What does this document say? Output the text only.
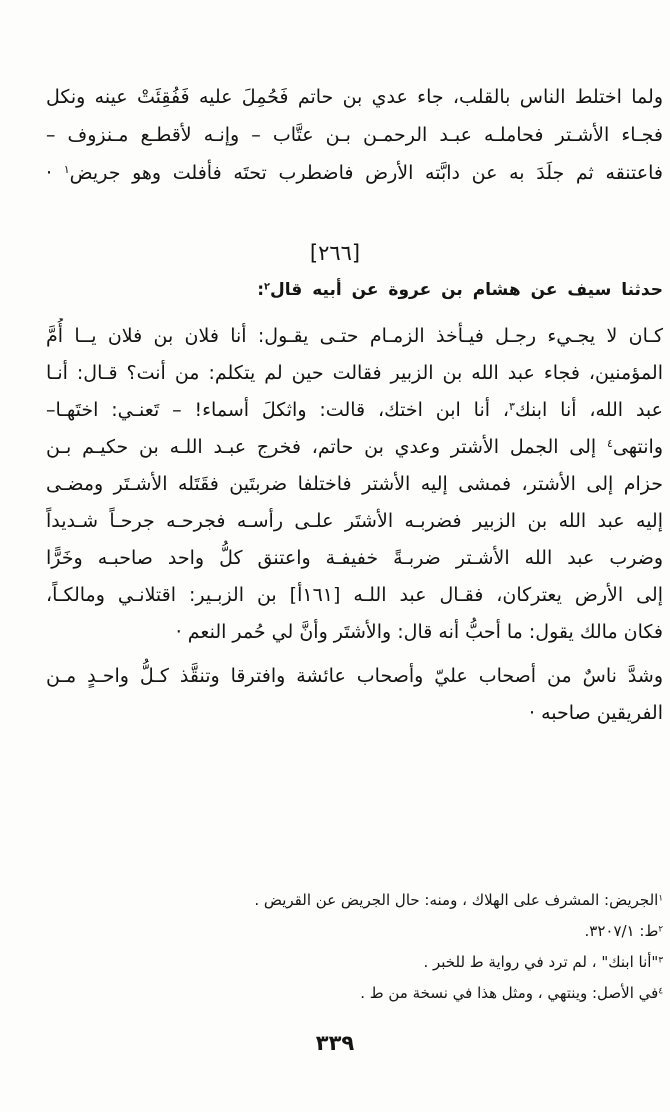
ولما اختلط الناس بالقلب، جاء عدي بن حاتم فَحُمِلَ عليه فَفُقِئَتْ عينه ونكل
فجـاء الأشـتر فحاملـه عبـد الرحمـن بـن عتَّاب – وإنـه لأقطـع مـنزوف –
فاعتنقه ثم جلَدَ به عن دابَّته الأرض فاضطرب تحتَه فأفلت وهو جريض$^١$ ·
[٢٦٦]
حدثنا سيف عن هشام بن عروة عن أبيه قال$^٢$:
كـان لا يجـيء رجـل فيـأخذ الزمـام حتـى يقـول: أنا فلان بن فلان يــا أُمَّ
المؤمنين، فجاء عبد الله بن الزبير فقالت حين لم يتكلم: من أنت؟ قـال: أنـا
عبد الله، أنا ابنك$^٣$، أنا ابن اختك، قالت: واثكلَ أسماء! – تَعنـي: اختَهـا–
وانتهى$^٤$ إلى الجمل الأشتر وعدي بن حاتم، فخرج عبـد اللـه بن حكيـم بـن
حزام إلى الأشتر، فمشى إليه الأشتر فاختلفا ضربتَين فقَتَله الأشـتَر ومضـى
إليه عبد الله بن الزبير فضربـه الأشتَر علـى رأسـه فجرحـه جرحـاً شـديداً
وضرب عبد الله الأشـتر ضربـةً خفيفـة واعتنق كلُّ واحد صاحبـه وخَرًّا
إلى الأرض يعتركان، فقـال عبد اللـه [١٦١أ] بن الزبـير: اقتلانـي ومالكـاً،
فكان مالك يقول: ما أحبُّ أنه قال: والأشتَر وأنَّ لي حُمر النعم ·
وشدَّ ناسٌ من أصحاب عليّ وأصحاب عائشة وافترقا وتنقَّذ كـلُّ واحـدٍ مـن
الفريقين صاحبه ·
$^١$الجريض: المشرف على الهلاك ، ومنه: حال الجريض عن القريض .
$^٢$ط: ٣٢٠٧/١.
$^٣$"أنا ابنك" ، لم ترد في رواية ط للخبر .
$^٤$في الأصل: وينتهي ، ومثل هذا في نسخة من ط .
٣٣٩
